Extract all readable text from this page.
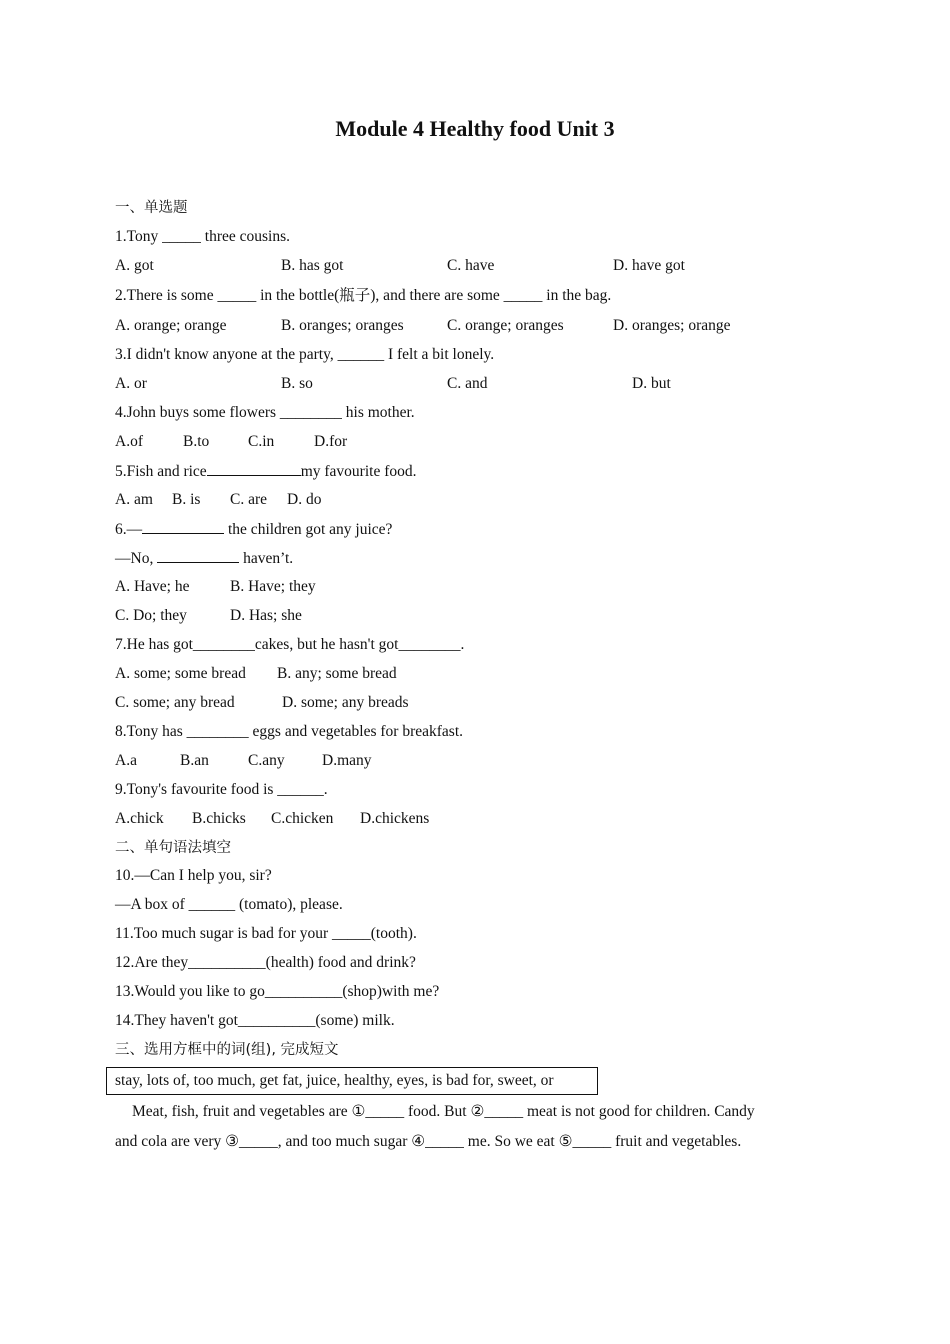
Module 4 Healthy food Unit 3
一、单选题
1.Tony _____ three cousins.
A. got	B. has got	C. have	D. have got
2.There is some _____ in the bottle(瓶子), and there are some _____ in the bag.
A. orange; orange	B. oranges; oranges	C. orange; oranges	D. oranges; orange
3.I didn't know anyone at the party, ______ I felt a bit lonely.
A. or	B. so	C. and	D. but
4.John buys some flowers ________ his mother.
A.of	B.to C.in	D.for
5.Fish and rice	my favourite food.
A. am B. is C. are D. do
6.—	the children got any juice?
—No,	haven’t.
A. Have; he	B. Have; they
C. Do; they	D. Has; she
7.He has got________cakes, but he hasn't got________.
A. some; some bread B. any; some bread
C. some; any bread	D. some; any breads
8.Tony has ________ eggs and vegetables for breakfast.
A.a	B.an	C.any D.many
9.Tony's favourite food is ______.
A.chick B.chicks C.chicken D.chickens
二、单句语法填空
10.—Can I help you, sir?
—A box of ______ (tomato), please.
11.Too much sugar is bad for your _____(tooth).
12.Are they__________(health) food and drink?
13.Would you like to go__________(shop)with me?
14.They haven't got__________(some) milk.
三、选用方框中的词(组), 完成短文
stay, lots of, too much, get fat, juice, healthy, eyes, is bad for, sweet, or
Meat, fish, fruit and vegetables are ①_____ food. But ②_____ meat is not good for children. Candy
and cola are very ③_____, and too much sugar ④_____ me. So we eat ⑤_____ fruit and vegetables.
